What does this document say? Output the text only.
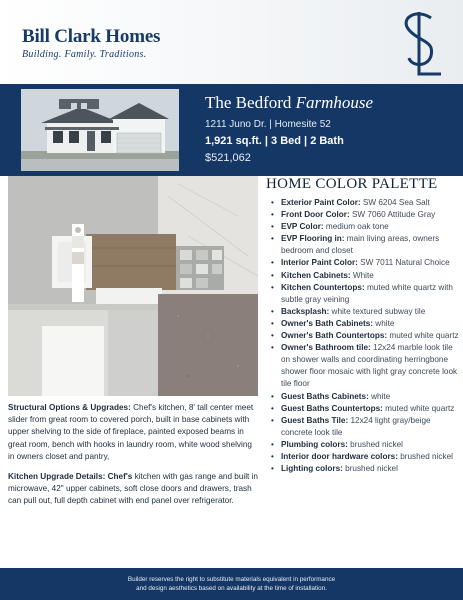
Bill Clark Homes
Building. Family. Traditions.
The Bedford Farmhouse
1211 Juno Dr. | Homesite 52
1,921 sq.ft. | 3 Bed | 2 Bath
$521,062
HOME COLOR PALETTE
• Exterior Paint Color: SW 6204 Sea Salt
• Front Door Color: SW 7060 Attitude Gray
• EVP Color: medium oak tone
• EVP Flooring in: main living areas, owners bedroom and closet
• Interior Paint Color: SW 7011 Natural Choice
• Kitchen Cabinets: White
• Kitchen Countertops: muted white quartz with subtle gray veining
• Backsplash: white textured subway tile
• Owner's Bath Cabinets: white
• Owner's Bath Countertops: muted white quartz
• Owner's Bathroom tile: 12x24 marble look tile on shower walls and coordinating herringbone shower floor mosaic with light gray concrete look tile floor
• Guest Baths Cabinets: white
• Guest Baths Countertops: muted white quartz
• Guest Baths Tile: 12x24 light gray/beige concrete look tile
• Plumbing colors: brushed nickel
• Interior door hardware colors: brushed nickel
• Lighting colors: brushed nickel

Structural Options & Upgrades: Chef's kitchen, 8' tall center meet slider from great room to covered porch, built in base cabinets with upper shelving to the side of fireplace, painted exposed beams in great room, bench with hooks in laundry room, white wood shelving in owners closet and pantry,

Kitchen Upgrade Details: Chef's kitchen with gas range and built in microwave, 42" upper cabinets, soft close doors and drawers, trash can pull out, full depth cabinet with end panel over refrigerator.

Builder reserves the right to substitute materials equivalent in performance
and design aesthetics based on availability at the time of installation.
